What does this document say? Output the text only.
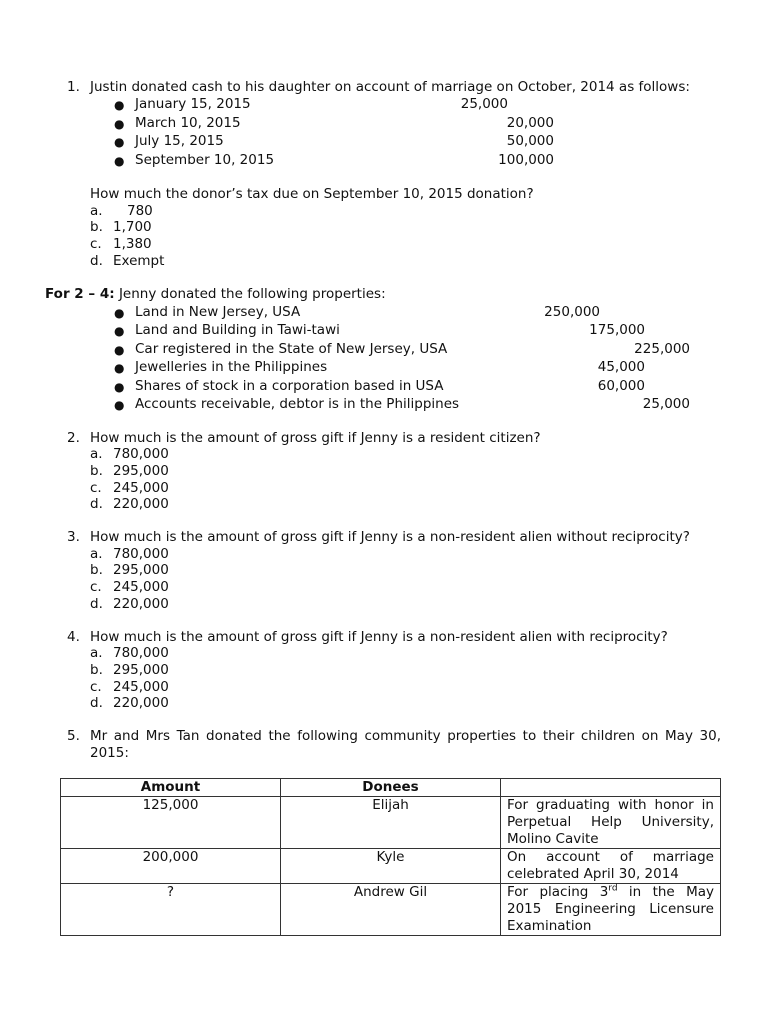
1. Justin donated cash to his daughter on account of marriage on October, 2014 as follows:
● January 15, 2015	25,000
● March 10, 2015	20,000
● July 15, 2015	50,000
● September 10, 2015	100,000
How much the donor’s tax due on September 10, 2015 donation?
a. 780
b. 1,700
c. 1,380
d. Exempt
For 2 – 4: Jenny donated the following properties:
● Land in New Jersey, USA	250,000
● Land and Building in Tawi-tawi	175,000
● Car registered in the State of New Jersey, USA	225,000
● Jewelleries in the Philippines	45,000
● Shares of stock in a corporation based in USA	60,000
● Accounts receivable, debtor is in the Philippines	25,000
2. How much is the amount of gross gift if Jenny is a resident citizen?
a. 780,000
b. 295,000
c. 245,000
d. 220,000
3. How much is the amount of gross gift if Jenny is a non-resident alien without reciprocity?
a. 780,000
b. 295,000
c. 245,000
d. 220,000
4. How much is the amount of gross gift if Jenny is a non-resident alien with reciprocity?
a. 780,000
b. 295,000
c. 245,000
d. 220,000
5. Mr and Mrs Tan donated the following community properties to their children on May 30, 2015:
Amount	Donees	
125,000	Elijah	For graduating with honor in Perpetual Help University, Molino Cavite
200,000	Kyle	On account of marriage celebrated April 30, 2014
?	Andrew Gil	For placing 3rd in the May 2015 Engineering Licensure Examination
